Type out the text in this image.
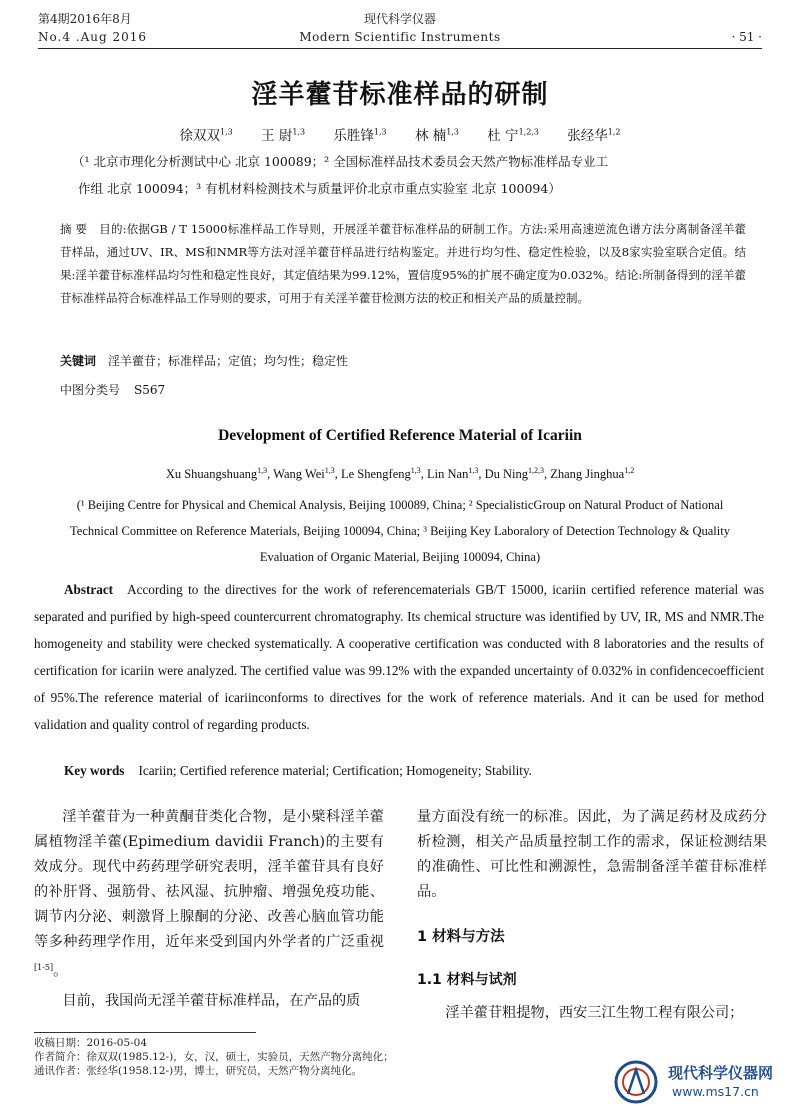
第4期2016年8月
No.4 .Aug 2016
现代科学仪器
Modern Scientific Instruments	· 51 ·
淫羊藿苷标准样品的研制
徐双双$^{1,3}$ 王 尉$^{1,3}$ 乐胜锋$^{1,3}$ 林 楠$^{1,3}$ 杜 宁$^{1,2,3}$ 张经华$^{1,2}$
（¹ 北京市理化分析测试中心 北京 100089；² 全国标准样品技术委员会天然产物标准样品专业工
作组 北京 100094；³ 有机材料检测技术与质量评价北京市重点实验室 北京 100094）
摘 要 目的:依据GB / T 15000标准样品工作导则，开展淫羊藿苷标准样品的研制工作。方法:采用高速逆流色谱方法分离制备淫羊藿苷样品，通过UV、IR、MS和NMR等方法对淫羊藿苷样品进行结构鉴定。并进行均匀性、稳定性检验，以及8家实验室联合定值。结果:淫羊藿苷标准样品均匀性和稳定性良好，其定值结果为99.12%，置信度95%的扩展不确定度为0.032%。结论:所制备得到的淫羊藿苷标准样品符合标准样品工作导则的要求，可用于有关淫羊藿苷检测方法的校正和相关产品的质量控制。
关键词 淫羊藿苷；标准样品；定值；均匀性；稳定性
中图分类号 S567
Development of Certified Reference Material of Icariin
Xu Shuangshuang$^{1,3}$, Wang Wei$^{1,3}$, Le Shengfeng$^{1,3}$, Lin Nan$^{1,3}$, Du Ning$^{1,2,3}$, Zhang Jinghua$^{1,2}$
(¹ Beijing Centre for Physical and Chemical Analysis, Beijing 100089, China; ² SpecialisticGroup on Natural Product of National
Technical Committee on Reference Materials, Beijing 100094, China; ³ Beijing Key Laboralory of Detection Technology & Quality
Evaluation of Organic Material, Beijing 100094, China)
Abstract According to the directives for the work of referencematerials GB/T 15000, icariin certified reference material was separated and purified by high-speed countercurrent chromatography. Its chemical structure was identified by UV, IR, MS and NMR.The homogeneity and stability were checked systematically. A cooperative certification was conducted with 8 laboratories and the results of certification for icariin were analyzed. The certified value was 99.12% with the expanded uncertainty of 0.032% in confidencecoefficient of 95%.The reference material of icariinconforms to directives for the work of reference materials. And it can be used for method validation and quality control of regarding products.
Key words Icariin; Certified reference material; Certification; Homogeneity; Stability.

淫羊藿苷为一种黄酮苷类化合物，是小檗科淫羊藿属植物淫羊藿(Epimedium davidii Franch)的主要有效成分。现代中药药理学研究表明，淫羊藿苷具有良好的补肝肾、强筋骨、祛风湿、抗肿瘤、增强免疫功能、调节内分泌、刺激肾上腺酮的分泌、改善心脑血管功能等多种药理学作用，近年来受到国内外学者的广泛重视[1-5]。

目前，我国尚无淫羊藿苷标准样品，在产品的质

量方面没有统一的标准。因此，为了满足药材及成药分析检测，相关产品质量控制工作的需求，保证检测结果的准确性、可比性和溯源性，急需制备淫羊藿苷标准样品。

1 材料与方法

1.1 材料与试剂

淫羊藿苷粗提物，西安三江生物工程有限公司；

收稿日期：2016-05-04
作者简介：徐双双(1985.12-)，女，汉，硕士，实验员，天然产物分离纯化；
通讯作者：张经华(1958.12-)男，博士，研究员，天然产物分离纯化。	现代科学仪器网
www.ms17.cn
